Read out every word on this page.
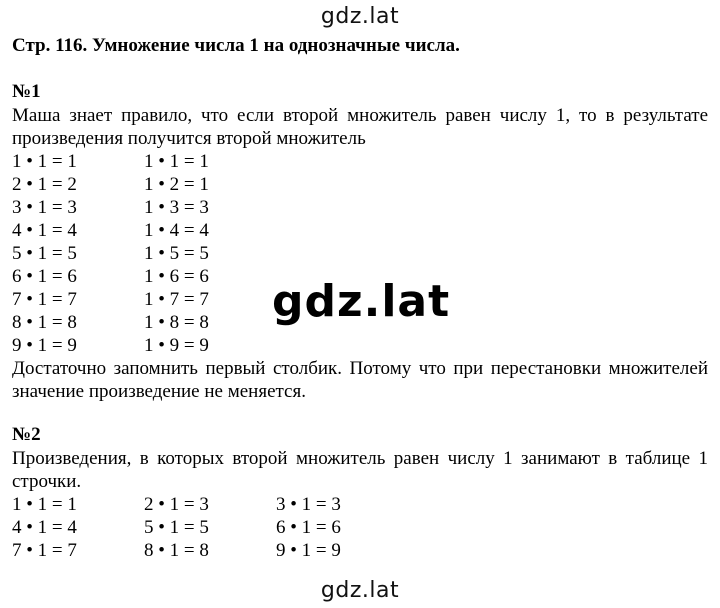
gdz.lat
gdz.lat
gdz.lat

Стр. 116. Умножение числа 1 на однозначные числа.

№1

Маша знает правило, что если второй множитель равен числу 1, то в результате произведения получится второй множитель

1 • 1 = 1	1 • 1 = 1
2 • 1 = 2	1 • 2 = 1
3 • 1 = 3	1 • 3 = 3
4 • 1 = 4	1 • 4 = 4
5 • 1 = 5	1 • 5 = 5
6 • 1 = 6	1 • 6 = 6
7 • 1 = 7	1 • 7 = 7
8 • 1 = 8	1 • 8 = 8
9 • 1 = 9	1 • 9 = 9

Достаточно запомнить первый столбик. Потому что при перестановки множителей значение произведение не меняется.

№2

Произведения, в которых второй множитель равен числу 1 занимают в таблице 1 строчки.

1 • 1 = 1	2 • 1 = 3	3 • 1 = 3
4 • 1 = 4	5 • 1 = 5	6 • 1 = 6
7 • 1 = 7	8 • 1 = 8	9 • 1 = 9
